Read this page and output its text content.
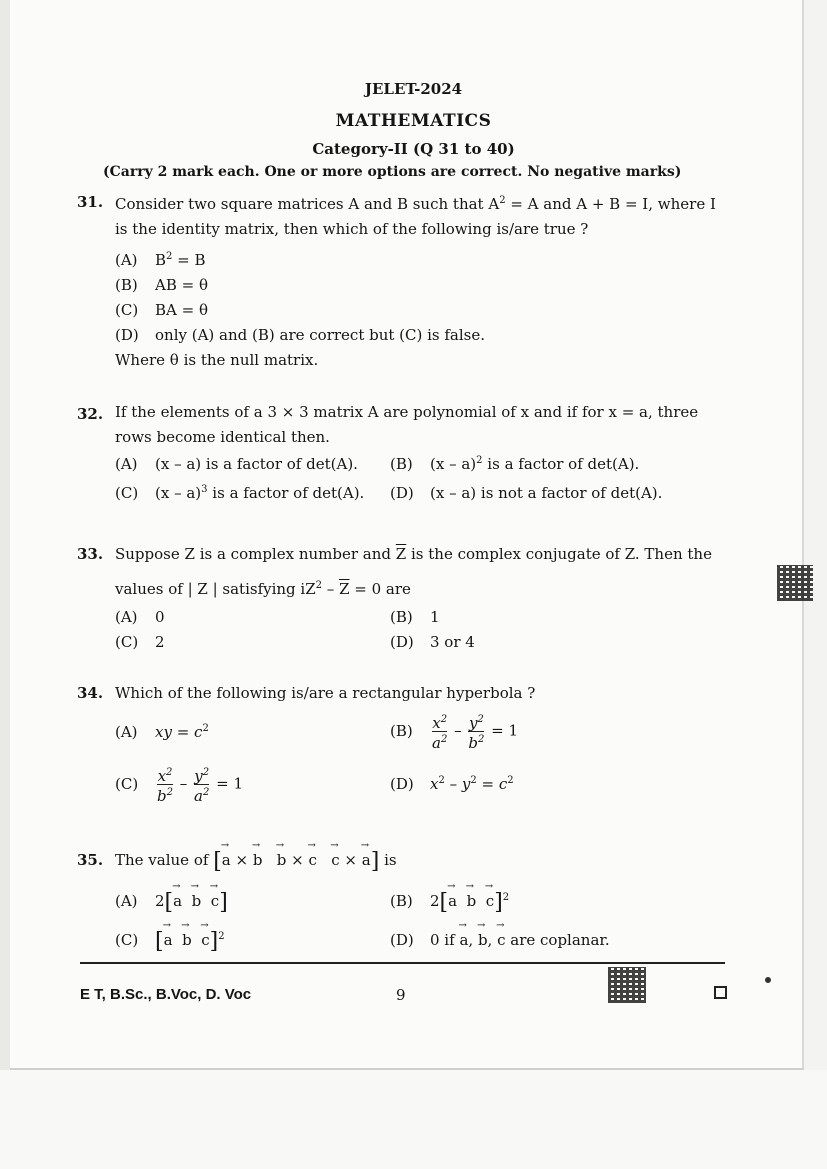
JELET-2024
MATHEMATICS
Category-II (Q 31 to 40)
(Carry 2 mark each. One or more options are correct. No negative marks)
31. Consider two square matrices A and B such that $A^2 = A$ and A + B = I, where I is the identity matrix, then which of the following is/are true ?
(A) $B^2 = B$
(B) AB = θ
(C) BA = θ
(D) only (A) and (B) are correct but (C) is false.
Where θ is the null matrix.
32. If the elements of a 3 × 3 matrix A are polynomial of x and if for x = a, three rows become identical then.
(A) (x – a) is a factor of det(A). (B) (x – a)$^2$ is a factor of det(A).
(C) (x – a)$^3$ is a factor of det(A). (D) (x – a) is not a factor of det(A).
33. Suppose Z is a complex number and $\overline{Z}$ is the complex conjugate of Z. Then the
values of | Z | satisfying $iZ^2 - \overline{Z} = 0$ are
(A) 0	(B) 1
(C) 2	(D) 3 or 4
34. Which of the following is/are a rectangular hyperbola ?
(A) xy = $c^2$	$(B) \frac{x^2}{a^2} - \frac{y^2}{b^2} = 1$
$(C) \frac{x^2}{b^2} - \frac{y^2}{a^2} = 1$	(D) $x^2 - y^2 = c^2$
35. The value of [→ a × → b → b × → c → c × → a] is
(A) 2[→ a → b → c]	(B) $2[\to a \to b \to c]^2$
(C) [→ a → b → c]$^2$	(D) 0 if → a, → b, → c are coplanar.
E T, B.Sc., B.Voc, D. Voc	9
